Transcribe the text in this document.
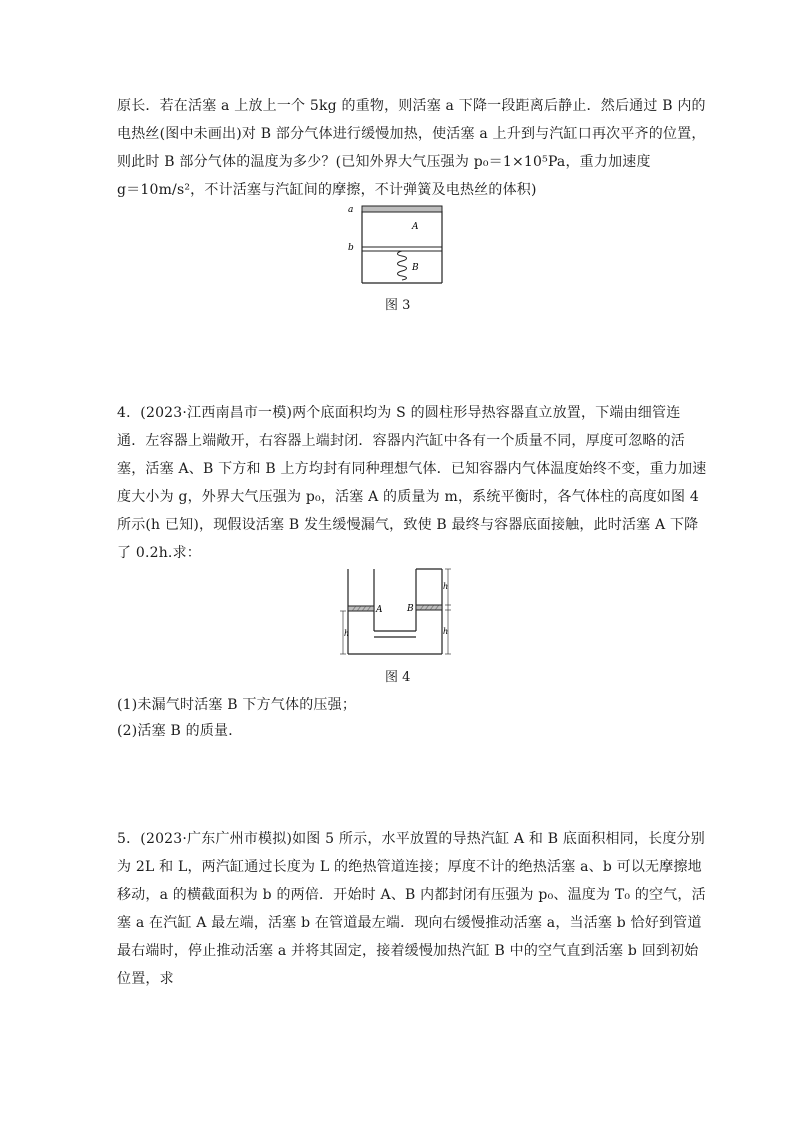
原长．若在活塞 a 上放上一个 5kg 的重物，则活塞 a 下降一段距离后静止．然后通过 B 内的
电热丝(图中未画出)对 B 部分气体进行缓慢加热，使活塞 a 上升到与汽缸口再次平齐的位置，
则此时 B 部分气体的温度为多少？(已知外界大气压强为 p₀＝1×10⁵Pa，重力加速度
g＝10m/s²，不计活塞与汽缸间的摩擦，不计弹簧及电热丝的体积)
a
b
A
B
图 3
4．(2023·江西南昌市一模)两个底面积均为 S 的圆柱形导热容器直立放置，下端由细管连
通．左容器上端敞开，右容器上端封闭．容器内汽缸中各有一个质量不同，厚度可忽略的活
塞，活塞 A、B 下方和 B 上方均封有同种理想气体．已知容器内气体温度始终不变，重力加速
度大小为 g，外界大气压强为 p₀，活塞 A 的质量为 m，系统平衡时，各气体柱的高度如图 4
所示(h 已知)，现假设活塞 B 发生缓慢漏气，致使 B 最终与容器底面接触，此时活塞 A 下降
了 0.2h.求：
A	B
h
h
h
图 4
(1)未漏气时活塞 B 下方气体的压强；
(2)活塞 B 的质量．
5．(2023·广东广州市模拟)如图 5 所示，水平放置的导热汽缸 A 和 B 底面积相同，长度分别
为 2L 和 L，两汽缸通过长度为 L 的绝热管道连接；厚度不计的绝热活塞 a、b 可以无摩擦地
移动，a 的横截面积为 b 的两倍．开始时 A、B 内都封闭有压强为 p₀、温度为 T₀ 的空气，活
塞 a 在汽缸 A 最左端，活塞 b 在管道最左端．现向右缓慢推动活塞 a，当活塞 b 恰好到管道
最右端时，停止推动活塞 a 并将其固定，接着缓慢加热汽缸 B 中的空气直到活塞 b 回到初始
位置，求
